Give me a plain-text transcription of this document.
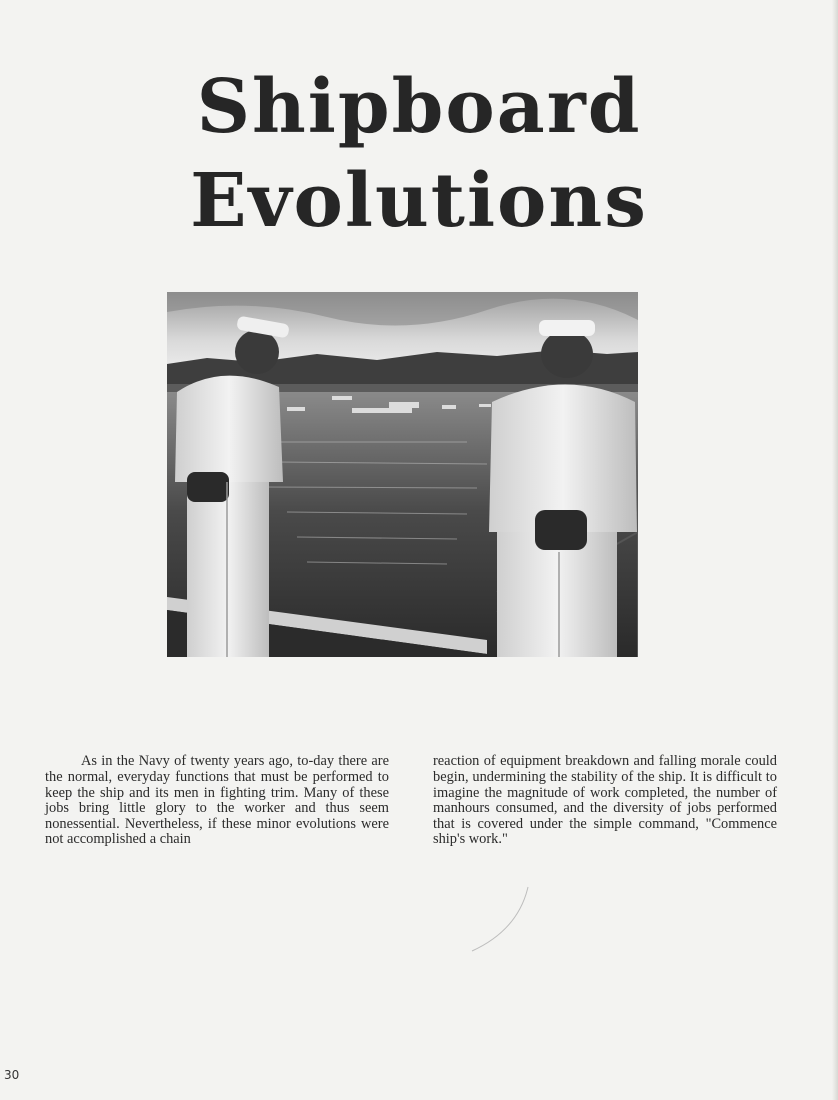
Shipboard
Evolutions

As in the Navy of twenty years ago, to-day there are the normal, everyday functions that must be performed to keep the ship and its men in fighting trim. Many of these jobs bring little glory to the worker and thus seem nonessential. Nevertheless, if these minor evolutions were not accomplished a chain

reaction of equipment breakdown and falling morale could begin, undermining the stability of the ship. It is difficult to imagine the magnitude of work completed, the number of manhours consumed, and the diversity of jobs performed that is covered under the simple command, "Commence ship's work."

30
